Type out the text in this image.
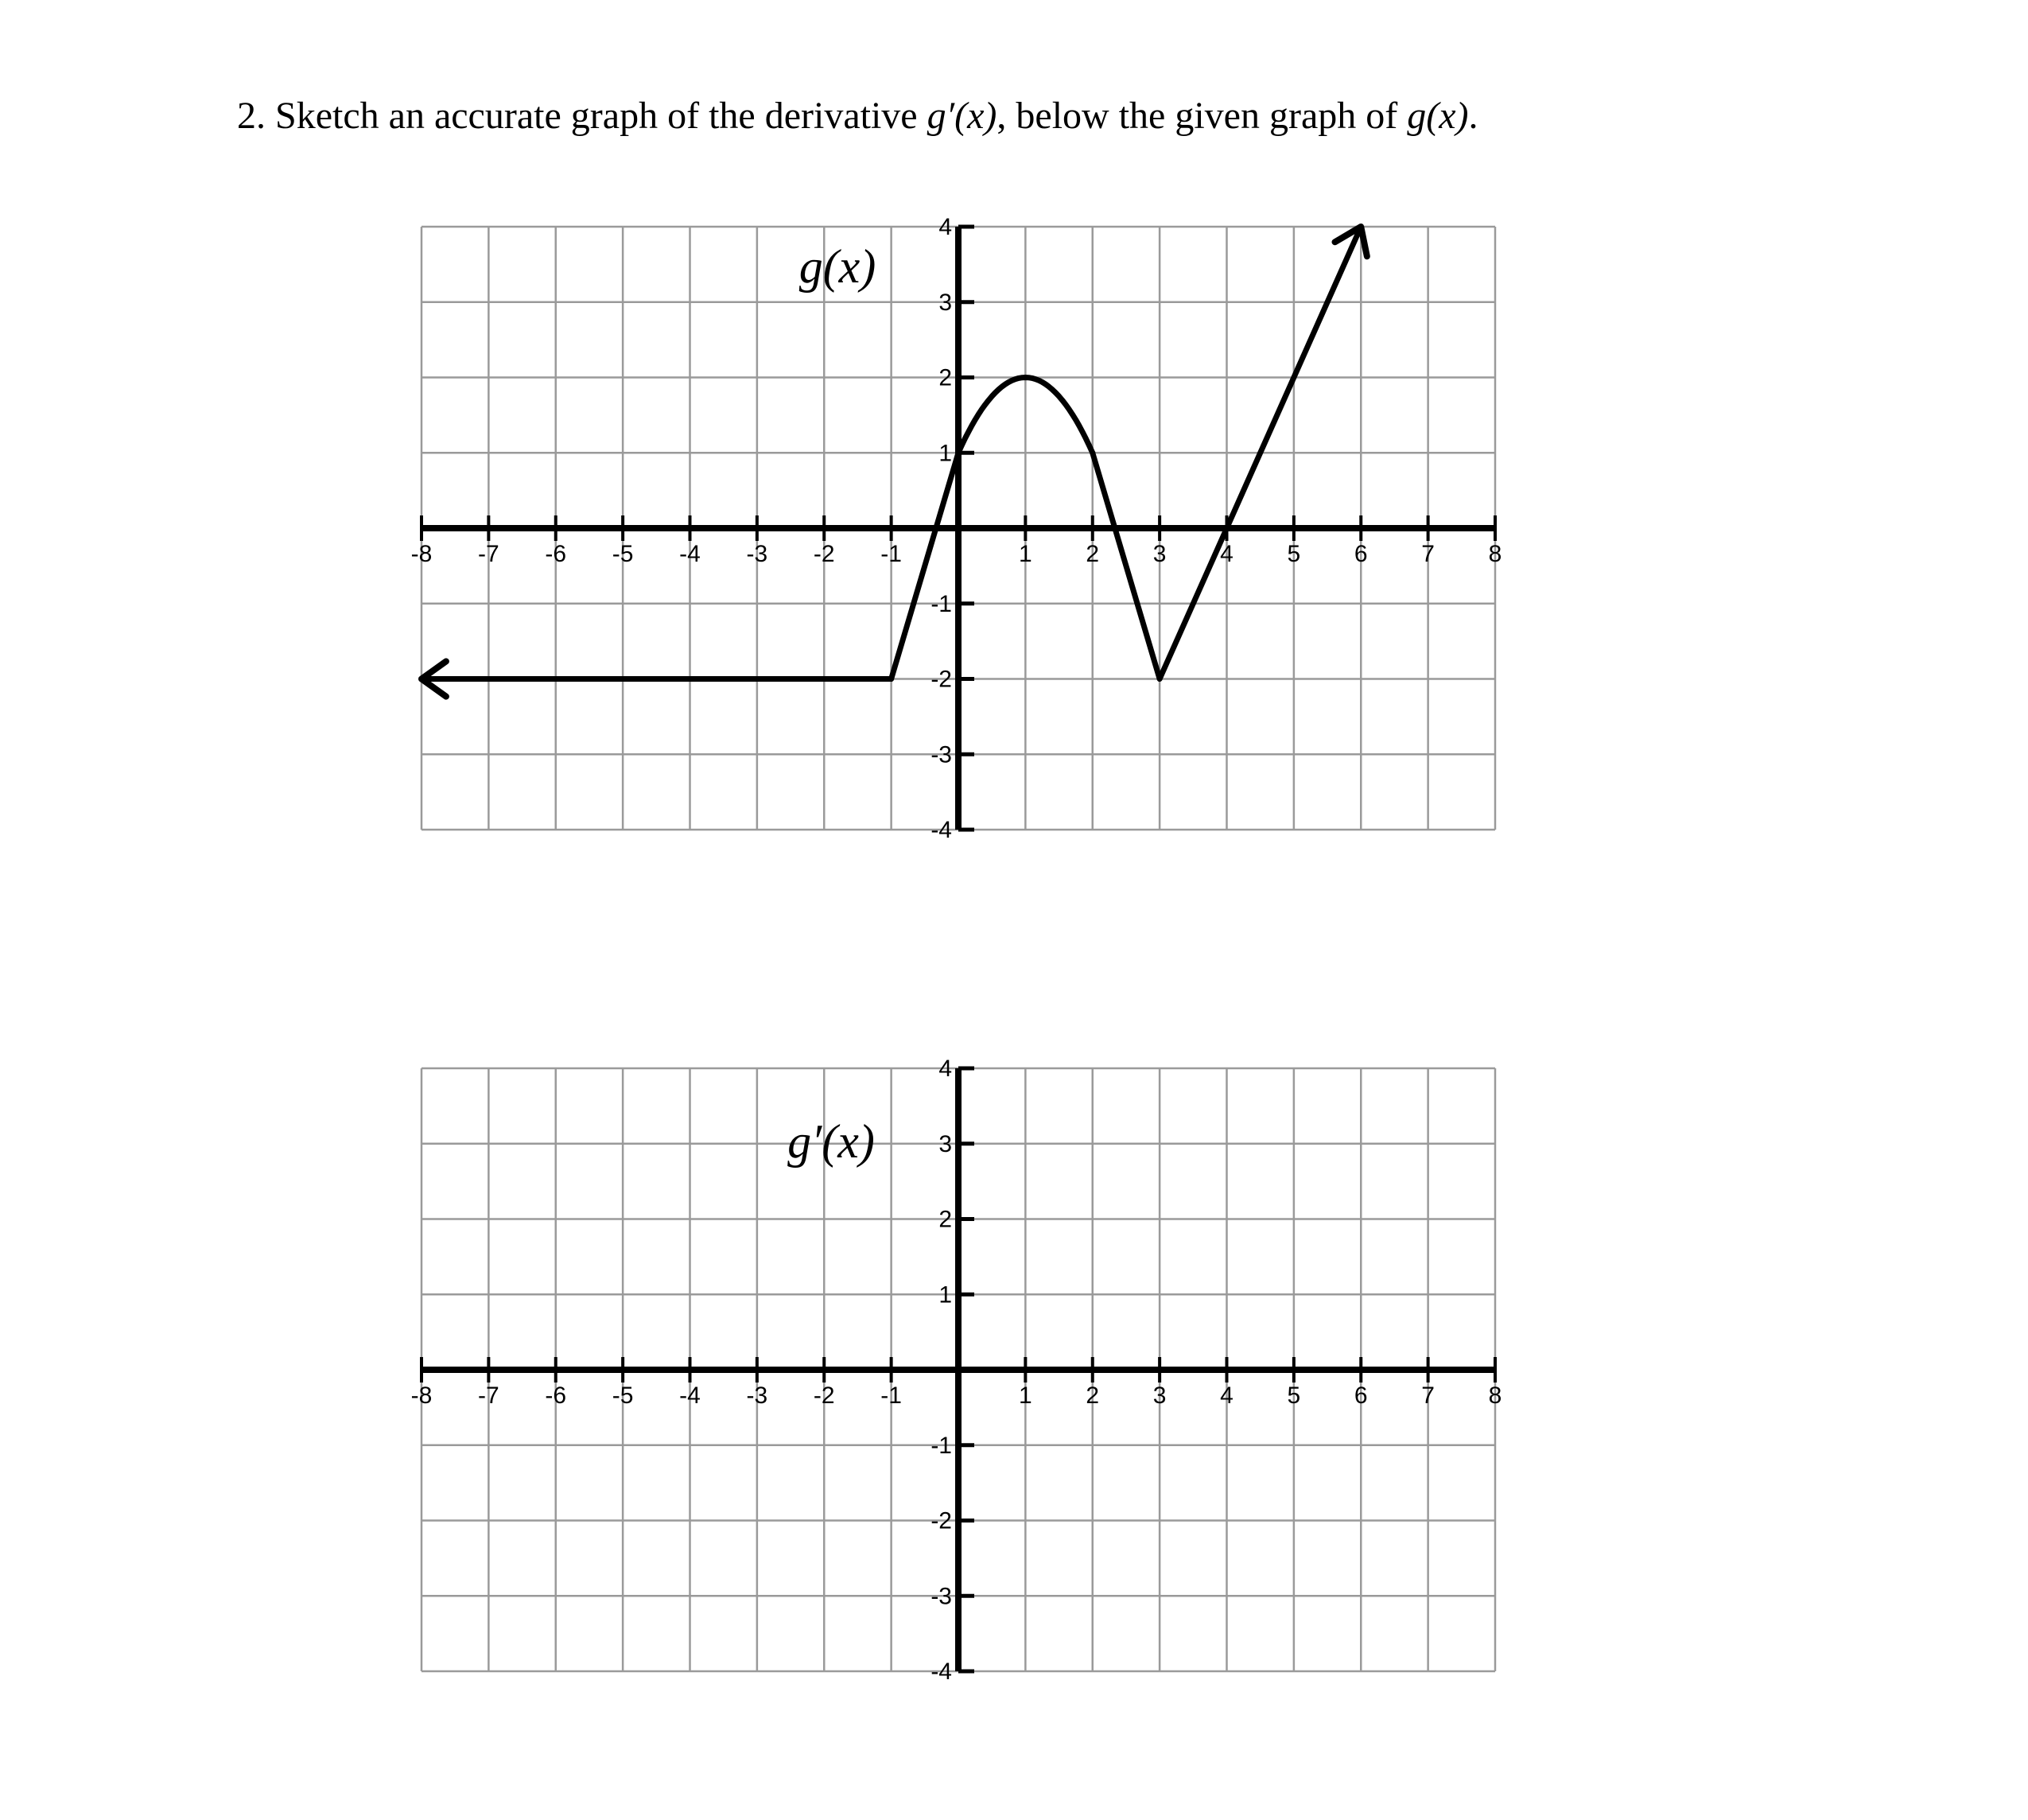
2. Sketch an accurate graph of the derivative g′(x), below the given graph of g(x).
-8 -7 -6 -5 -4 -3 -2 -1	1 2 3 4 5 6 7 8
4
3
2
1
-1
-2
-3
-4
g(x)
-8 -7 -6 -5 -4 -3 -2 -1	1 2 3 4 5 6 7 8
4
3
2
1
-1
-2
-3
-4
g′(x)
